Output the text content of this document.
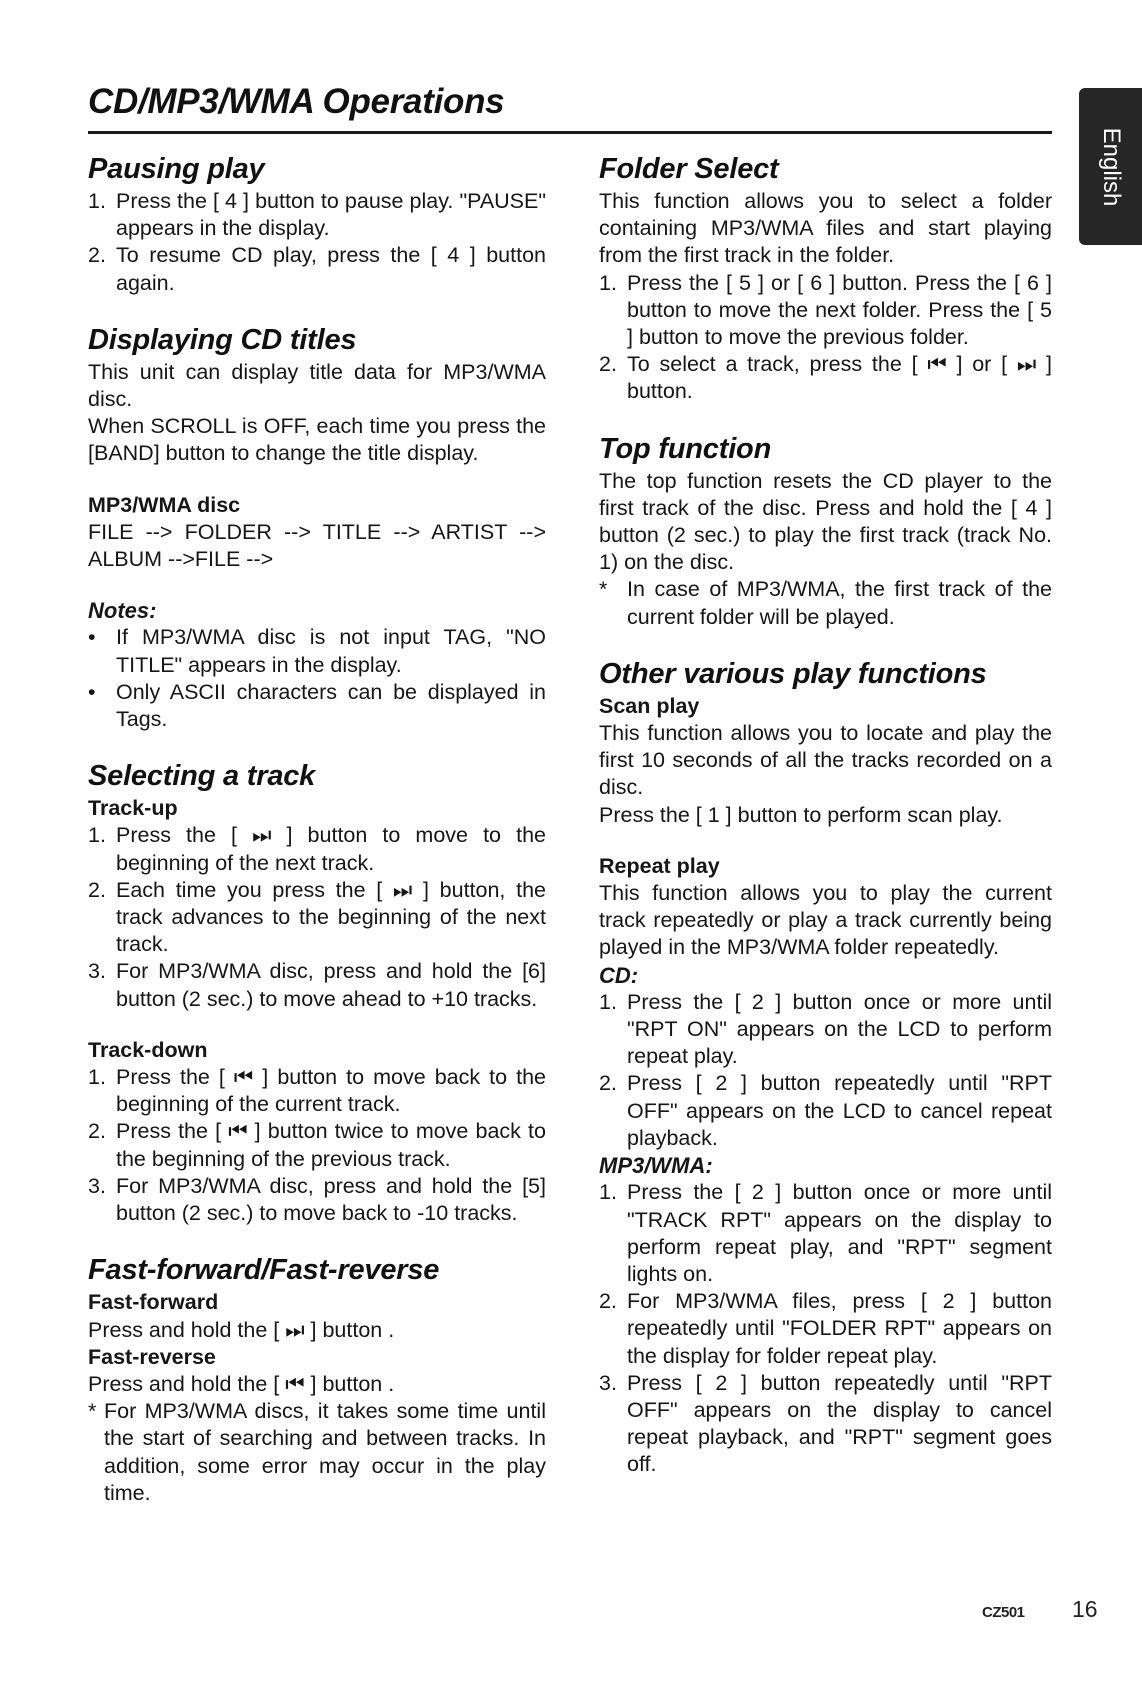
CD/MP3/WMA Operations
English
Pausing play
1. Press the [ 4 ] button to pause play. "PAUSE" appears in the display.
2. To resume CD play, press the [ 4 ] button again.
Displaying CD titles

This unit can display title data for MP3/WMA disc.

When SCROLL is OFF, each time you press the [BAND] button to change the title display.

MP3/WMA disc

FILE --> FOLDER --> TITLE --> ARTIST --> ALBUM -->FILE -->

Notes:
• If MP3/WMA disc is not input TAG, "NO TITLE" appears in the display.
• Only ASCII characters can be displayed in Tags.
Selecting a track
Track-up
1. Press the [ ⏭ ] button to move to the beginning of the next track.
2. Each time you press the [ ⏭ ] button, the track advances to the beginning of the next track.
3. For MP3/WMA disc, press and hold the [6] button (2 sec.) to move ahead to +10 tracks.
Track-down
1. Press the [ ⏮ ] button to move back to the beginning of the current track.
2. Press the [ ⏮ ] button twice to move back to the beginning of the previous track.
3. For MP3/WMA disc, press and hold the [5] button (2 sec.) to move back to -10 tracks.
Fast-forward/Fast-reverse
Fast-forward

Press and hold the [ ⏭ ] button .

Fast-reverse

Press and hold the [ ⏮ ] button .

* For MP3/WMA discs, it takes some time until the start of searching and between tracks. In addition, some error may occur in the play time.
Folder Select

This function allows you to select a folder containing MP3/WMA files and start playing from the first track in the folder.

1. Press the [ 5 ] or [ 6 ] button. Press the [ 6 ] button to move the next folder. Press the [ 5 ] button to move the previous folder.
2. To select a track, press the [ ⏮ ] or [ ⏭ ] button.
Top function

The top function resets the CD player to the first track of the disc. Press and hold the [ 4 ] button (2 sec.) to play the first track (track No. 1) on the disc.

* In case of MP3/WMA, the first track of the current folder will be played.
Other various play functions
Scan play

This function allows you to locate and play the first 10 seconds of all the tracks recorded on a disc.

Press the [ 1 ] button to perform scan play.

Repeat play

This function allows you to play the current track repeatedly or play a track currently being played in the MP3/WMA folder repeatedly.

CD:
1. Press the [ 2 ] button once or more until "RPT ON" appears on the LCD to perform repeat play.
2. Press [ 2 ] button repeatedly until "RPT OFF" appears on the LCD to cancel repeat playback.
MP3/WMA:
1. Press the [ 2 ] button once or more until "TRACK RPT" appears on the display to perform repeat play, and "RPT" segment lights on.
2. For MP3/WMA files, press [ 2 ] button repeatedly until "FOLDER RPT" appears on the display for folder repeat play.
3. Press [ 2 ] button repeatedly until "RPT OFF" appears on the display to cancel repeat playback, and "RPT" segment goes off.
CZ501 16
